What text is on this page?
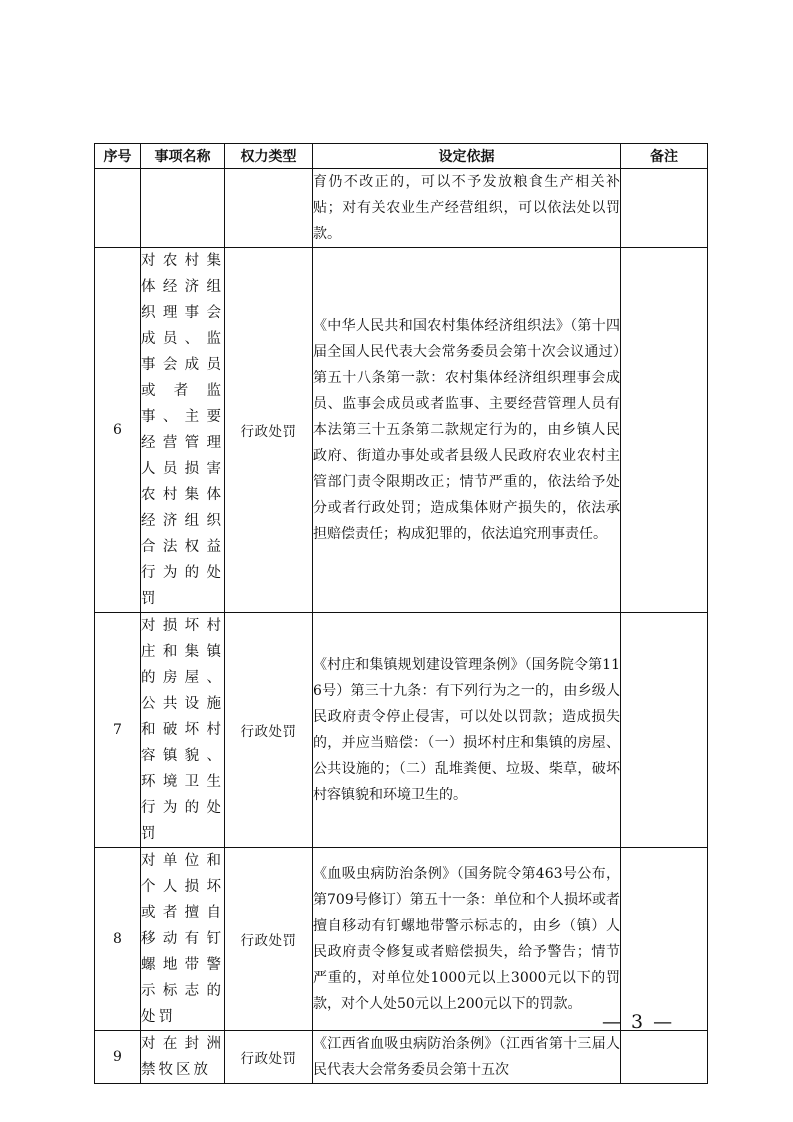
序号	事项名称	权力类型	设定依据	备注
			育仍不改正的，可以不予发放粮食生产相关补贴；对有关农业生产经营组织，可以依法处以罚款。	
6	对农村集体经济组织理事会成员、监事会成员或者监事、主要经营管理人员损害农村集体经济组织合法权益行为的处罚	行政处罚	《中华人民共和国农村集体经济组织法》（第十四届全国人民代表大会常务委员会第十次会议通过）第五十八条第一款：农村集体经济组织理事会成员、监事会成员或者监事、主要经营管理人员有本法第三十五条第二款规定行为的，由乡镇人民政府、街道办事处或者县级人民政府农业农村主管部门责令限期改正；情节严重的，依法给予处分或者行政处罚；造成集体财产损失的，依法承担赔偿责任；构成犯罪的，依法追究刑事责任。	
7	对损坏村庄和集镇的房屋、公共设施和破坏村容镇貌、环境卫生行为的处罚	行政处罚	《村庄和集镇规划建设管理条例》（国务院令第116号）第三十九条：有下列行为之一的，由乡级人民政府责令停止侵害，可以处以罚款；造成损失的，并应当赔偿：（一）损坏村庄和集镇的房屋、公共设施的；（二）乱堆粪便、垃圾、柴草，破坏村容镇貌和环境卫生的。	
8	对单位和个人损坏或者擅自移动有钉螺地带警示标志的处罚	行政处罚	《血吸虫病防治条例》（国务院令第463号公布，第709号修订）第五十一条：单位和个人损坏或者擅自移动有钉螺地带警示标志的，由乡（镇）人民政府责令修复或者赔偿损失，给予警告；情节严重的，对单位处1000元以上3000元以下的罚款，对个人处50元以上200元以下的罚款。	
9	对在封洲禁牧区放	行政处罚	《江西省血吸虫病防治条例》（江西省第十三届人民代表大会常务委员会第十五次	
— 3 —
